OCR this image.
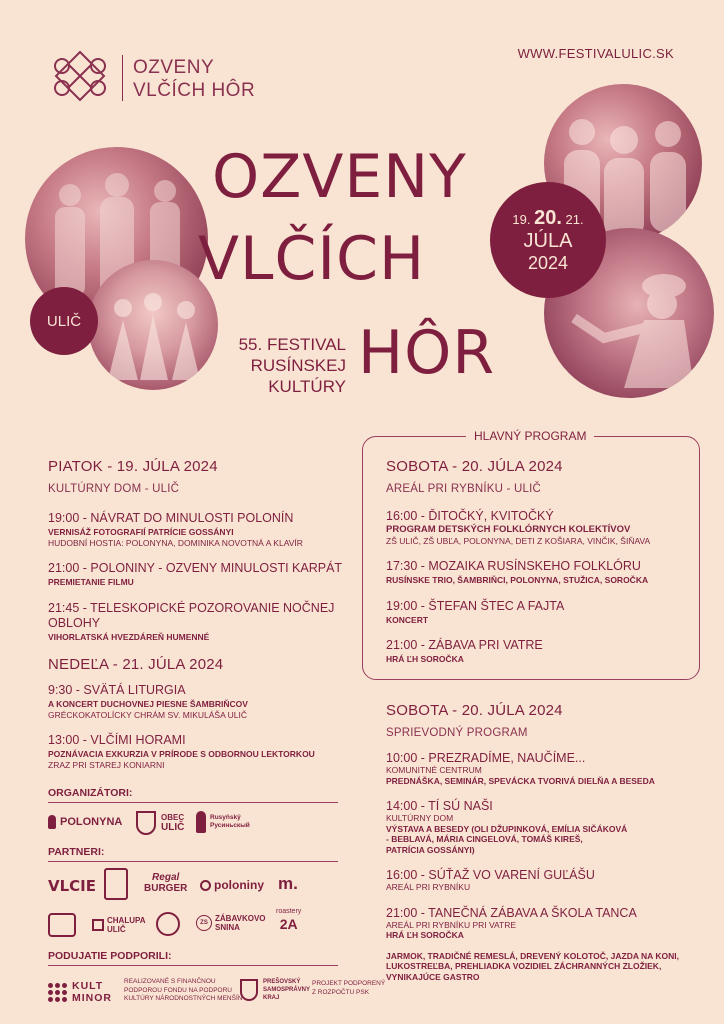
OZVENY
VLČÍCH HÔR
WWW.FESTIVALULIC.SK
ULIČ
19. 20. 21.
JÚLA
2024
OZVENY
VLČÍCH
HÔR
55. FESTIVAL
RUSÍNSKEJ
KULTÚRY
PIATOK - 19. JÚLA 2024
KULTÚRNY DOM - ULIČ
19:00 - NÁVRAT DO MINULOSTI POLONÍN
VERNISÁŽ FOTOGRAFIÍ PATRÍCIE GOSSÁNYI
HUDOBNÍ HOSTIA: POLONYNA, DOMINIKA NOVOTNÁ A KLAVÍR
21:00 - POLONINY - OZVENY MINULOSTI KARPÁT
PREMIETANIE FILMU
21:45 - TELESKOPICKÉ POZOROVANIE NOČNEJ
OBLOHY
VIHORLATSKÁ HVEZDÁREŇ HUMENNÉ
NEDEĽA - 21. JÚLA 2024
9:30 - SVÄTÁ LITURGIA
A KONCERT DUCHOVNEJ PIESNE ŠAMBRIŇCOV
GRÉCKOKATOLÍCKY CHRÁM SV. MIKULÁŠA ULIČ
13:00 - VLČÍMI HORAMI
POZNÁVACIA EXKURZIA V PRÍRODE S ODBORNOU LEKTORKOU
ZRAZ PRI STAREJ KONIARNI
HLAVNÝ PROGRAM
SOBOTA - 20. JÚLA 2024
AREÁL PRI RYBNÍKU - ULIČ
16:00 - ĎITOČKÝ, KVITOČKÝ
PROGRAM DETSKÝCH FOLKLÓRNYCH KOLEKTÍVOV
ZŠ ULIČ, ZŠ UBĽA, POLONYNA, DETI Z KOŠIARA, VINČIK, ŠIŇAVA
17:30 - MOZAIKA RUSÍNSKEHO FOLKLÓRU
RUSÍNSKE TRIO, ŠAMBRIŇCI, POLONYNA, STUŽICA, SOROČKA
19:00 - ŠTEFAN ŠTEC A FAJTA
KONCERT
21:00 - ZÁBAVA PRI VATRE
HRÁ ĽH SOROČKA
SOBOTA - 20. JÚLA 2024
SPRIEVODNÝ PROGRAM
10:00 - PREZRADÍME, NAUČÍME...
KOMUNITNÉ CENTRUM
PREDNÁŠKA, SEMINÁR, SPEVÁCKA TVORIVÁ DIELŇA A BESEDA
14:00 - TÍ SÚ NAŠI
KULTÚRNY DOM
VÝSTAVA A BESEDY (OLI DŽUPINKOVÁ, EMÍLIA SIČÁKOVÁ
- BEBLAVÁ, MÁRIA CINGELOVÁ, TOMÁŠ KIREŠ,
PATRÍCIA GOSSÁNYI)
16:00 - SÚŤAŽ VO VARENÍ GUĽÁŠU
AREÁL PRI RYBNÍKU
21:00 - TANEČNÁ ZÁBAVA A ŠKOLA TANCA
AREÁL PRI RYBNÍKU PRI VATRE
HRÁ ĽH SOROČKA
JARMOK, TRADIČNÉ REMESLÁ, DREVENÝ KOLOTOČ, JAZDA NA KONI,
LUKOSTREĽBA, PREHLIADKA VOZIDIEL ZÁCHRANNÝCH ZLOŽIEK,
VYNIKAJÚCE GASTRO
ORGANIZÁTORI:
POLONYNA	OBEC
ULIČ
Rusyňskŷ
Русиньскый
PARTNERI:
VLCIE	Regal
BURGER poloniny m.
CHALUPA
ULIČ
ZS ZÁBAVKOVO
SNINA
roastery
2A
PODUJATIE PODPORILI:
KULT
MINOR
REALIZOVANÉ S FINANČNOU
PODPOROU FONDU NA PODPORU
KULTÚRY NÁRODNOSTNÝCH MENŠÍN
PREŠOVSKÝ
SAMOSPRÁVNY
KRAJ
PROJEKT PODPORENÝ
Z ROZPOČTU PSK
